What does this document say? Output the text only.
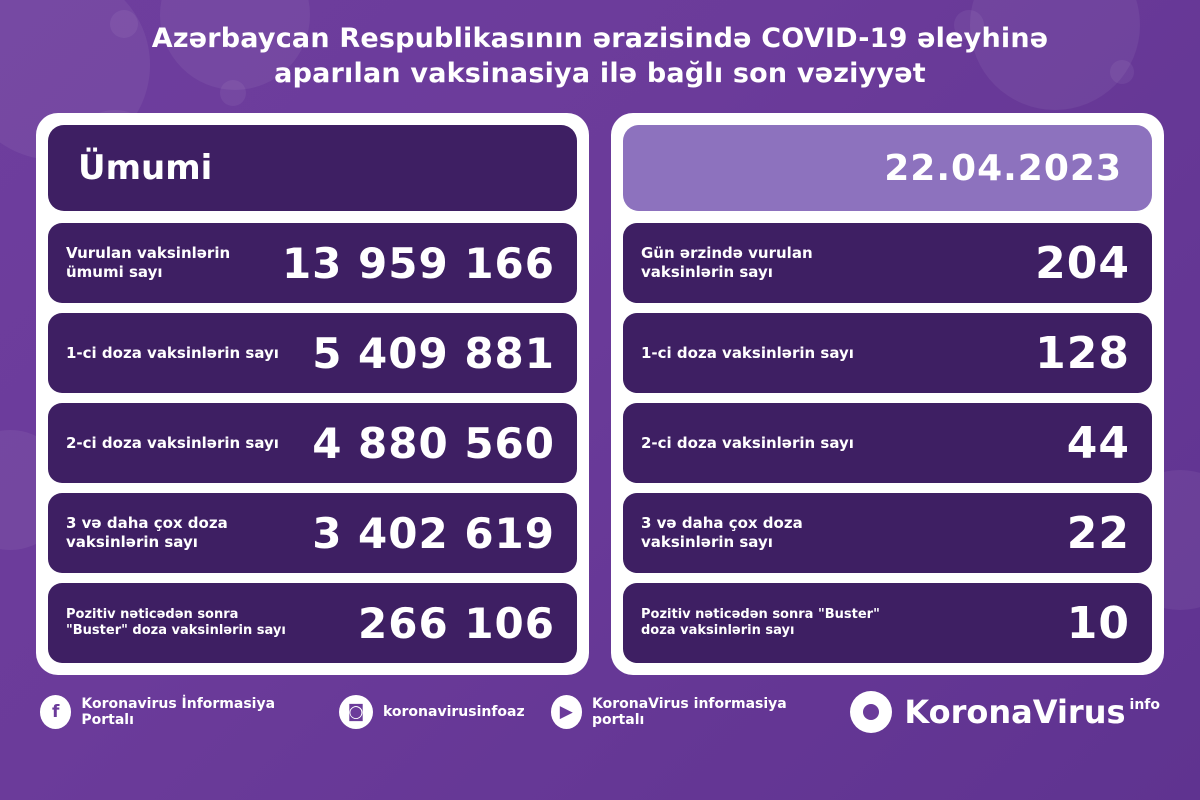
Azərbaycan Respublikasının ərazisində COVID-19 əleyhinə aparılan vaksinasiya ilə bağlı son vəziyyət
Ümumi
Vurulan vaksinlərin ümumi sayı	13 959 166
1-ci doza vaksinlərin sayı 5 409 881
2-ci doza vaksinlərin sayı 4 880 560
3 və daha çox doza vaksinlərin sayı	3 402 619
Pozitiv nəticədən sonra "Buster" doza vaksinlərin sayı 266 106
22.04.2023
Gün ərzində vurulan vaksinlərin sayı	204
1-ci doza vaksinlərin sayı	128
2-ci doza vaksinlərin sayı	44
3 və daha çox doza vaksinlərin sayı	22
Pozitiv nəticədən sonra "Buster" doza vaksinlərin sayı	10
f	Koronavirus İnformasiya Portalı	◙	koronavirusinfoaz	▶	KoronaVirus informasiya portalı	KoronaVirus info
